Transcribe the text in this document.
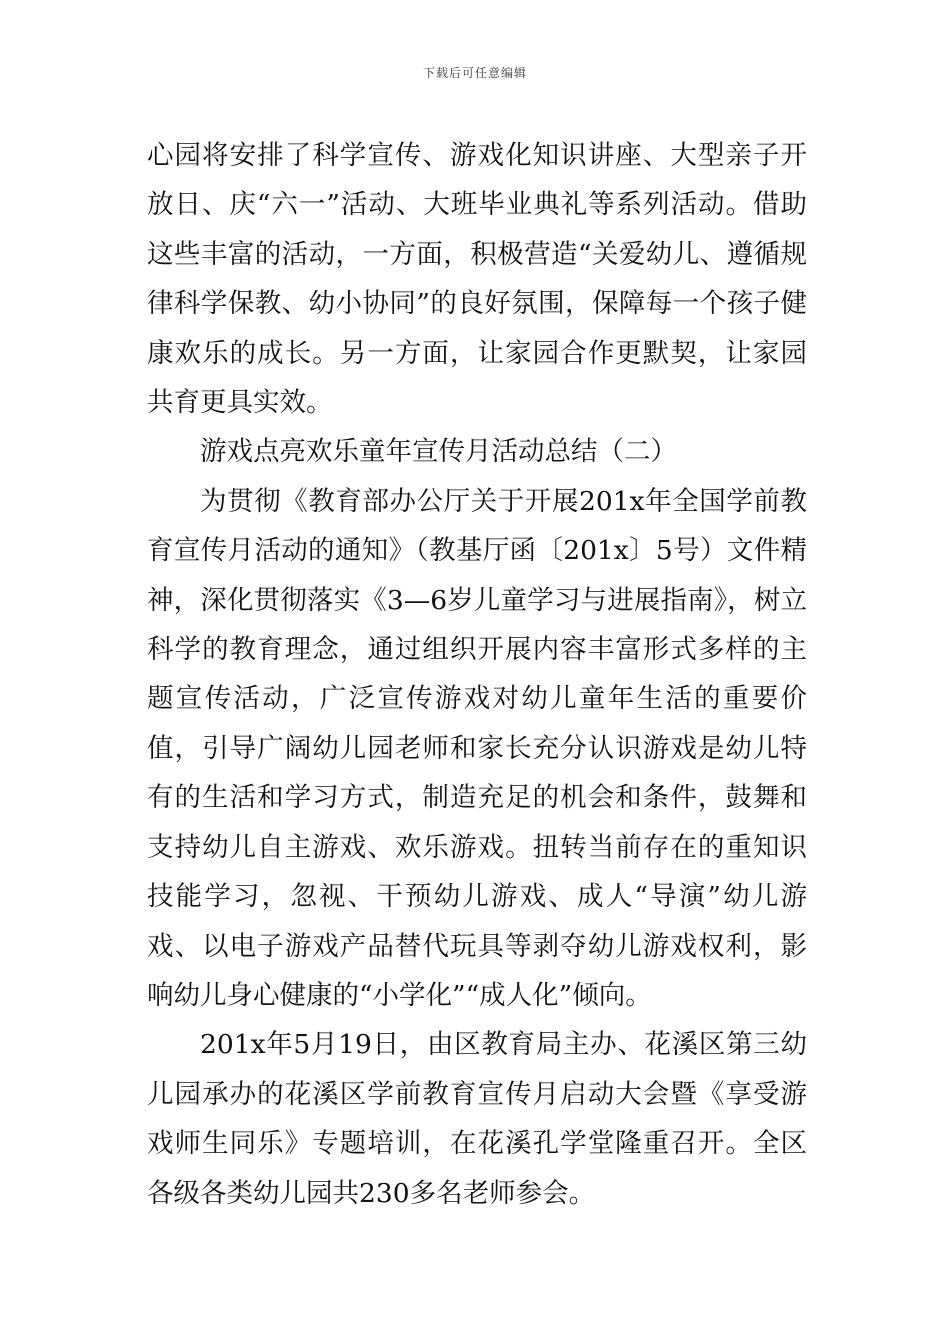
下载后可任意编辑

心园将安排了科学宣传、游戏化知识讲座、大型亲子开放日、庆“六一”活动、大班毕业典礼等系列活动。借助这些丰富的活动，一方面，积极营造“关爱幼儿、遵循规律科学保教、幼小协同”的良好氛围，保障每一个孩子健康欢乐的成长。另一方面，让家园合作更默契，让家园共育更具实效。

游戏点亮欢乐童年宣传月活动总结（二）

为贯彻《教育部办公厅关于开展201x年全国学前教育宣传月活动的通知》（教基厅函〔201x〕5号）文件精神，深化贯彻落实《3—6岁儿童学习与进展指南》，树立科学的教育理念，通过组织开展内容丰富形式多样的主题宣传活动，广泛宣传游戏对幼儿童年生活的重要价值，引导广阔幼儿园老师和家长充分认识游戏是幼儿特有的生活和学习方式，制造充足的机会和条件，鼓舞和支持幼儿自主游戏、欢乐游戏。扭转当前存在的重知识技能学习，忽视、干预幼儿游戏、成人“导演”幼儿游戏、以电子游戏产品替代玩具等剥夺幼儿游戏权利，影响幼儿身心健康的“小学化”“成人化”倾向。

201x年5月19日，由区教育局主办、花溪区第三幼儿园承办的花溪区学前教育宣传月启动大会暨《享受游戏师生同乐》专题培训，在花溪孔学堂隆重召开。全区各级各类幼儿园共230多名老师参会。
